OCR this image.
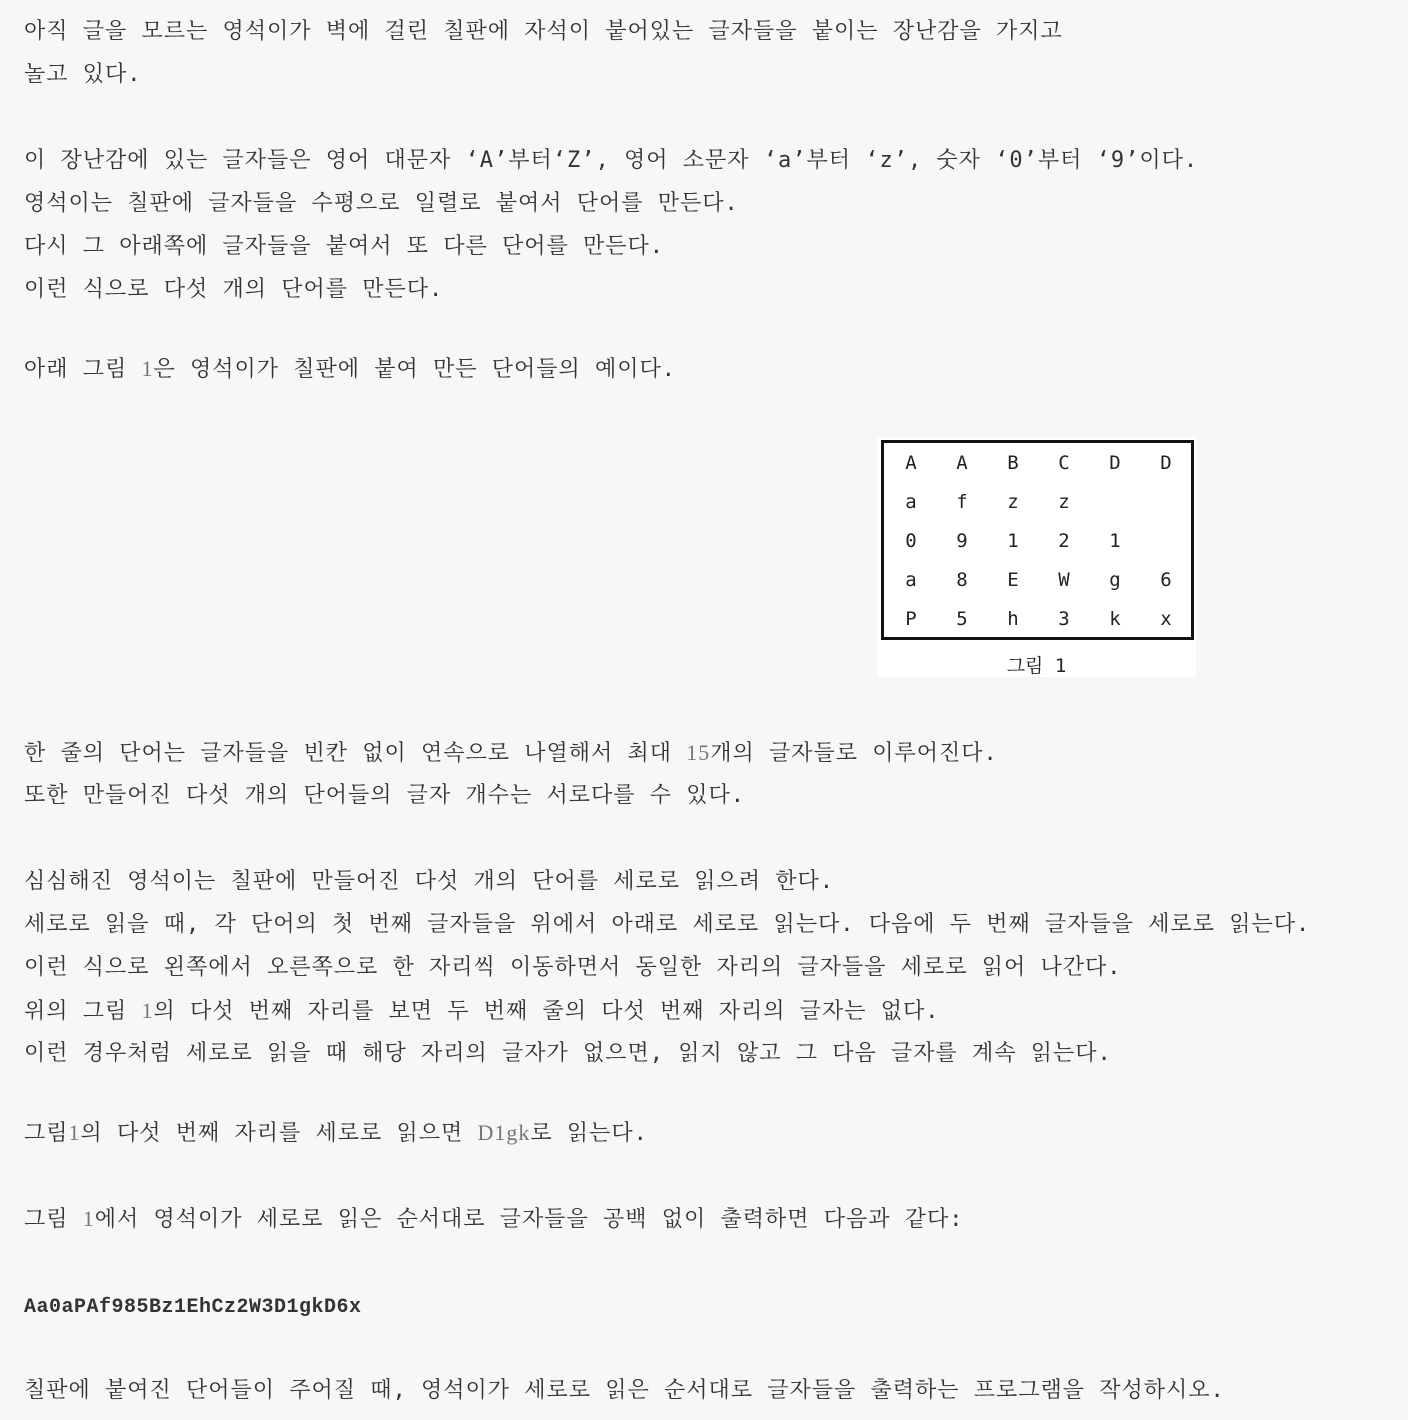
아직 글을 모르는 영석이가 벽에 걸린 칠판에 자석이 붙어있는 글자들을 붙이는 장난감을 가지고
놀고 있다.
이 장난감에 있는 글자들은 영어 대문자 ‘A’부터‘Z’, 영어 소문자 ‘a’부터 ‘z’, 숫자 ‘0’부터 ‘9’이다.
영석이는 칠판에 글자들을 수평으로 일렬로 붙여서 단어를 만든다.
다시 그 아래쪽에 글자들을 붙여서 또 다른 단어를 만든다.
이런 식으로 다섯 개의 단어를 만든다.
아래 그림 1은 영석이가 칠판에 붙여 만든 단어들의 예이다.
한 줄의 단어는 글자들을 빈칸 없이 연속으로 나열해서 최대 15개의 글자들로 이루어진다.
또한 만들어진 다섯 개의 단어들의 글자 개수는 서로다를 수 있다.
심심해진 영석이는 칠판에 만들어진 다섯 개의 단어를 세로로 읽으려 한다.
세로로 읽을 때, 각 단어의 첫 번째 글자들을 위에서 아래로 세로로 읽는다. 다음에 두 번째 글자들을 세로로 읽는다.
이런 식으로 왼쪽에서 오른쪽으로 한 자리씩 이동하면서 동일한 자리의 글자들을 세로로 읽어 나간다.
위의 그림 1의 다섯 번째 자리를 보면 두 번째 줄의 다섯 번째 자리의 글자는 없다.
이런 경우처럼 세로로 읽을 때 해당 자리의 글자가 없으면, 읽지 않고 그 다음 글자를 계속 읽는다.
그림1의 다섯 번째 자리를 세로로 읽으면 D1gk로 읽는다.
그림 1에서 영석이가 세로로 읽은 순서대로 글자들을 공백 없이 출력하면 다음과 같다:
Aa0aPAf985Bz1EhCz2W3D1gkD6x
칠판에 붙여진 단어들이 주어질 때, 영석이가 세로로 읽은 순서대로 글자들을 출력하는 프로그램을 작성하시오.
A	A	B	C	D	D
a	f	z	z
0	9	1	2	1
a	8	E	W	g	6
P	5	h	3	k	x
그림 1
